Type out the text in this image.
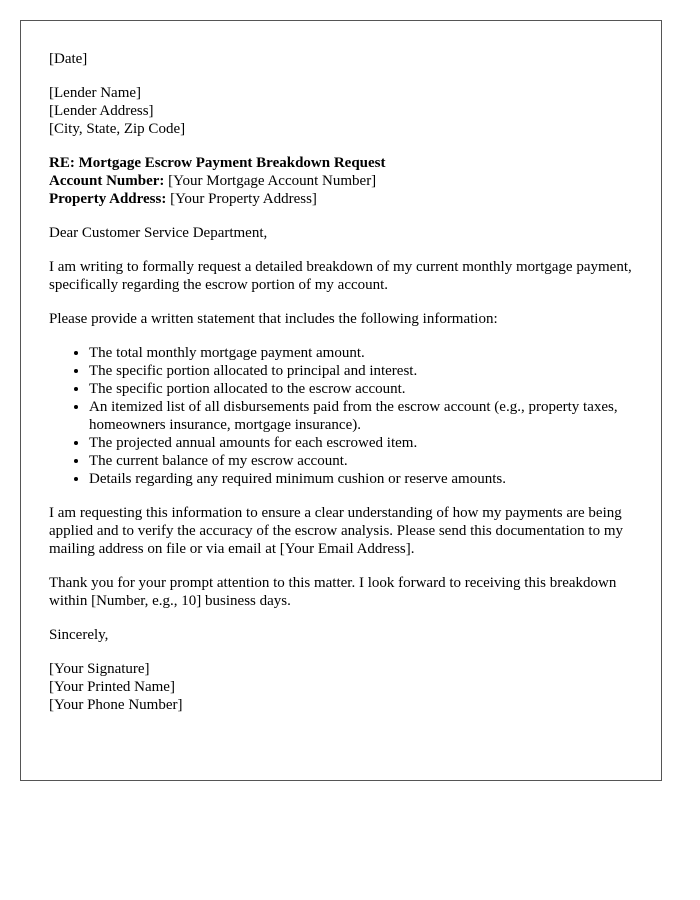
[Date]
[Lender Name]
[Lender Address]
[City, State, Zip Code]
RE: Mortgage Escrow Payment Breakdown Request
Account Number: [Your Mortgage Account Number]
Property Address: [Your Property Address]

Dear Customer Service Department,

I am writing to formally request a detailed breakdown of my current monthly mortgage payment, specifically regarding the escrow portion of my account.

Please provide a written statement that includes the following information:

• The total monthly mortgage payment amount.
• The specific portion allocated to principal and interest.
• The specific portion allocated to the escrow account.
• An itemized list of all disbursements paid from the escrow account (e.g., property taxes, homeowners insurance, mortgage insurance).
• The projected annual amounts for each escrowed item.
• The current balance of my escrow account.
• Details regarding any required minimum cushion or reserve amounts.

I am requesting this information to ensure a clear understanding of how my payments are being applied and to verify the accuracy of the escrow analysis. Please send this documentation to my mailing address on file or via email at [Your Email Address].

Thank you for your prompt attention to this matter. I look forward to receiving this breakdown within [Number, e.g., 10] business days.

Sincerely,

[Your Signature]
[Your Printed Name]
[Your Phone Number]
